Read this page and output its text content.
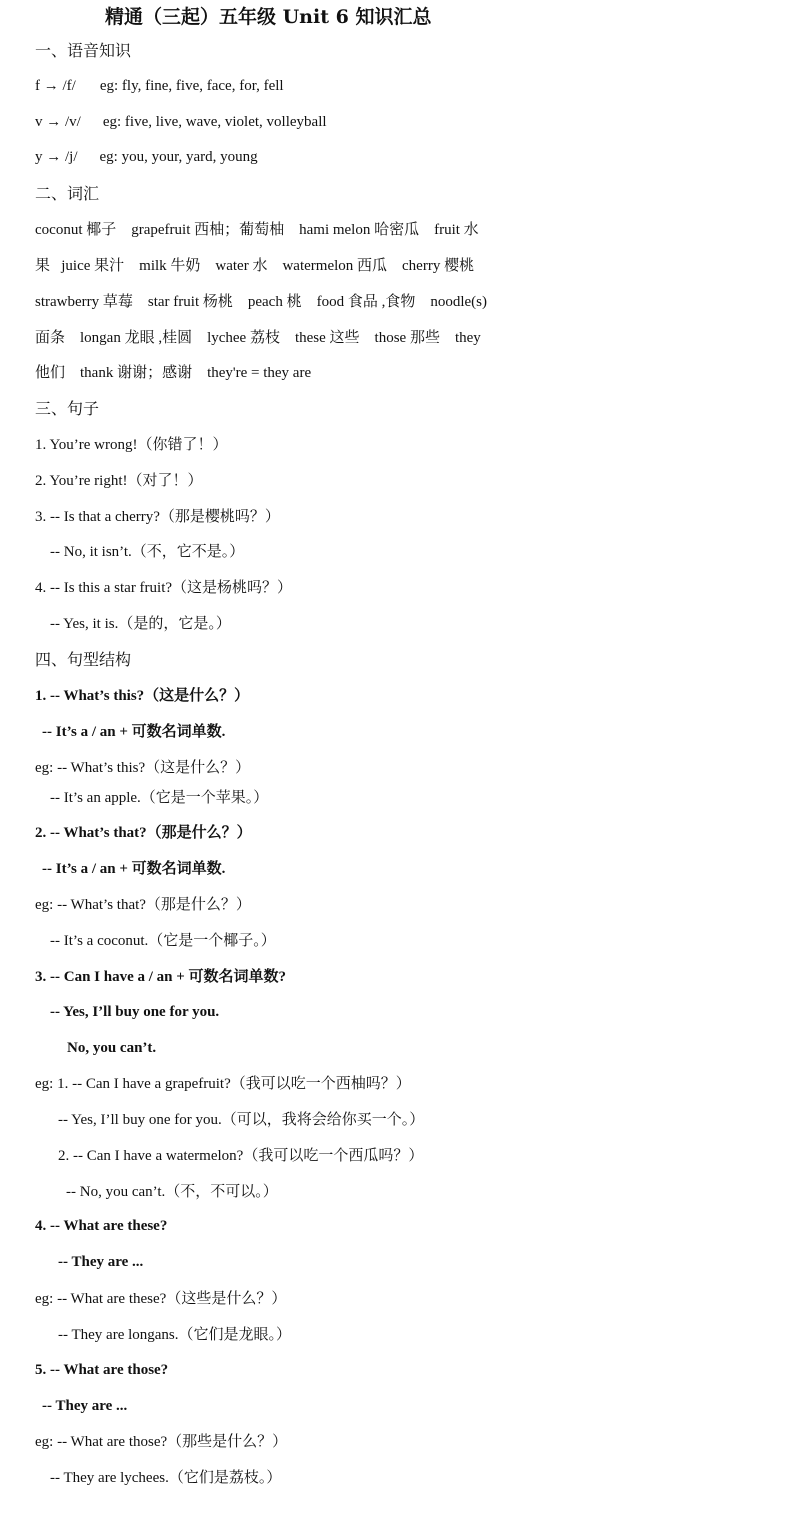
精通（三起）五年级 Unit 6 知识汇总
一、语音知识
f → /f/ eg: fly, fine, five, face, for, fell
v → /v/ eg: five, live, wave, violet, volleyball
y → /j/ eg: you, your, yard, young
二、词汇
coconut 椰子    grapefruit 西柚；葡萄柚    hami melon 哈密瓜    fruit 水
果   juice 果汁    milk 牛奶    water 水    watermelon 西瓜    cherry 樱桃
strawberry 草莓    star fruit 杨桃    peach 桃    food 食品 ,食物    noodle(s)
面条    longan 龙眼 ,桂圆    lychee 荔枝    these 这些    those 那些    they
他们    thank 谢谢；感谢    they're = they are
三、句子
1. You’re wrong!（你错了！）
2. You’re right!（对了！）
3. -- Is that a cherry?（那是樱桃吗？）
-- No, it isn’t.（不，它不是。）
4. -- Is this a star fruit?（这是杨桃吗？）
-- Yes, it is.（是的，它是。）
四、句型结构
1. -- What’s this?（这是什么？）
-- It’s a / an + 可数名词单数.
eg: -- What’s this?（这是什么？）
-- It’s an apple.（它是一个苹果。）
2. -- What’s that?（那是什么？）
-- It’s a / an + 可数名词单数.
eg: -- What’s that?（那是什么？）
-- It’s a coconut.（它是一个椰子。）
3. -- Can I have a / an + 可数名词单数?
-- Yes, I’ll buy one for you.
No, you can’t.
eg: 1. -- Can I have a grapefruit?（我可以吃一个西柚吗？）
-- Yes, I’ll buy one for you.（可以，我将会给你买一个。）
2. -- Can I have a watermelon?（我可以吃一个西瓜吗？）
-- No, you can’t.（不，不可以。）
4. -- What are these?
-- They are ...
eg: -- What are these?（这些是什么？）
-- They are longans.（它们是龙眼。）
5. -- What are those?
-- They are ...
eg: -- What are those?（那些是什么？）
-- They are lychees.（它们是荔枝。）
